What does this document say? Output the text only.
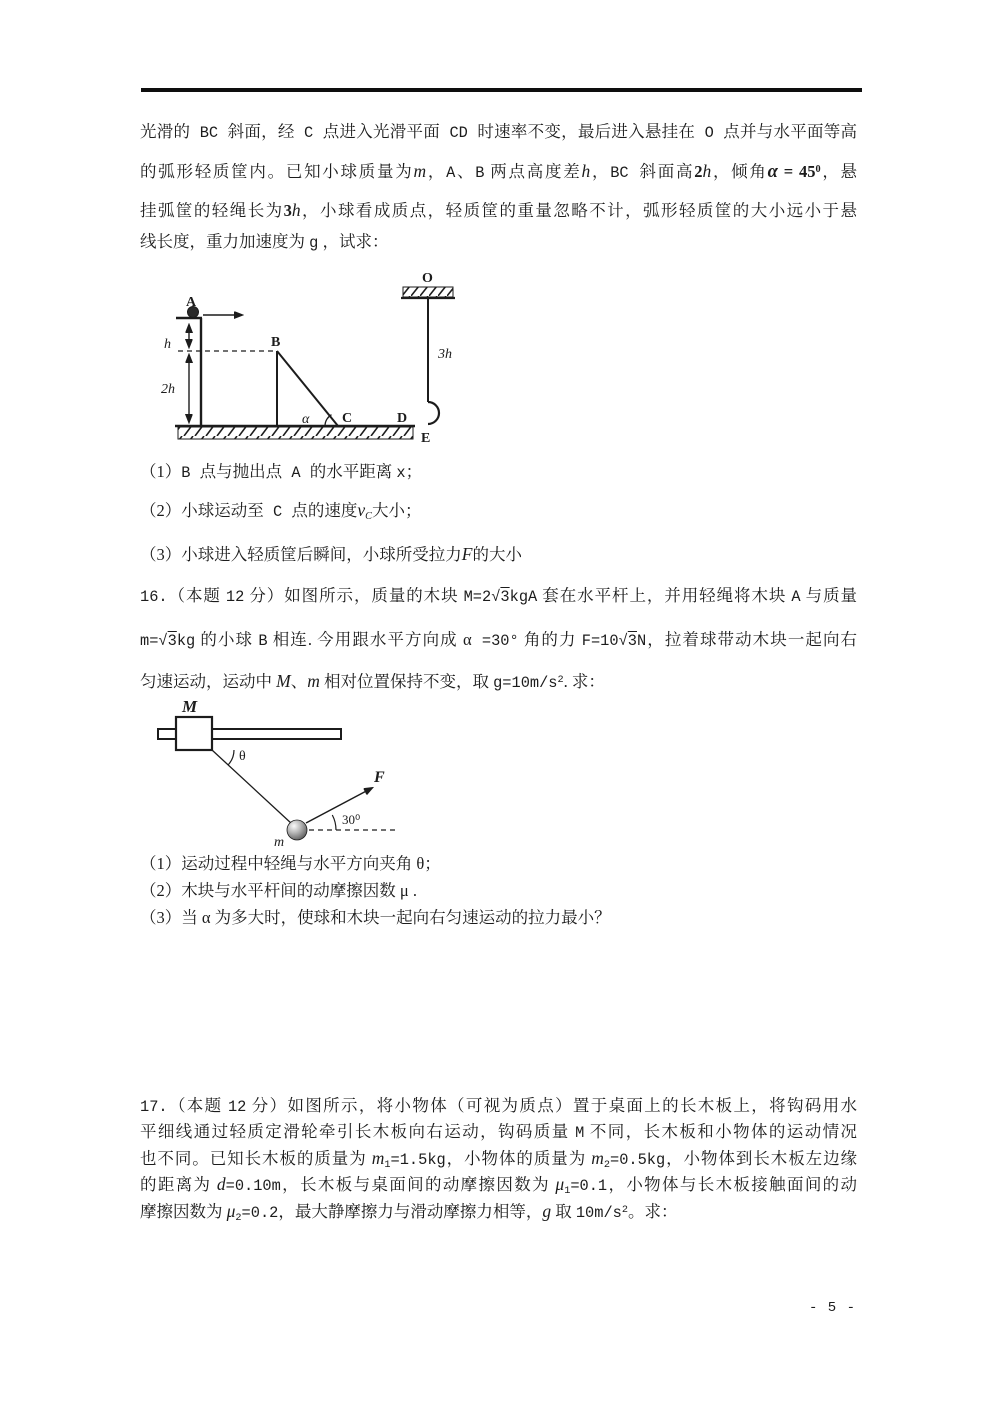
光滑的 BC 斜面，经 C 点进入光滑平面 CD 时速率不变，最后进入悬挂在 O 点并与水平面等高
的弧形轻质筐内。已知小球质量为m，A、B 两点高度差h，BC 斜面高2h，倾角$\alpha = 45^0$，悬
挂弧筐的轻绳长为3h，小球看成质点，轻质筐的重量忽略不计，弧形轻质筐的大小远小于悬
线长度，重力加速度为 g ，试求：
A
h
2h
B
α C	D
O
3h
E
（1）B 点与抛出点 A 的水平距离 x；
（2）小球运动至 C 点的速度$v_C$大小；
（3）小球进入轻质筐后瞬间，小球所受拉力F的大小
16.（本题 12 分）如图所示，质量的木块 M=2√3kgA 套在水平杆上，并用轻绳将木块 A 与质量
m=√3kg 的小球 B 相连. 今用跟水平方向成 α =30° 角的力 F=10√3N，拉着球带动木块一起向右
匀速运动，运动中 M、m 相对位置保持不变，取 $g=10m/s^2$. 求：
M
θ
m
F
30⁰
（1）运动过程中轻绳与水平方向夹角 θ；
（2）木块与水平杆间的动摩擦因数 μ .
（3）当 α 为多大时，使球和木块一起向右匀速运动的拉力最小？
17.（本题 12 分）如图所示，将小物体（可视为质点）置于桌面上的长木板上，将钩码用水
平细线通过轻质定滑轮牵引长木板向右运动，钩码质量 M 不同，长木板和小物体的运动情况
也不同。已知长木板的质量为 $m_1=1.5kg$，小物体的质量为 $m_2=0.5kg$，小物体到长木板左边缘
的距离为 d=0.10m，长木板与桌面间的动摩擦因数为 $\mu_1=0.1$，小物体与长木板接触面间的动
摩擦因数为 $\mu_2=0.2$，最大静摩擦力与滑动摩擦力相等，g 取 $10m/s^2$。求：
- 5 -
